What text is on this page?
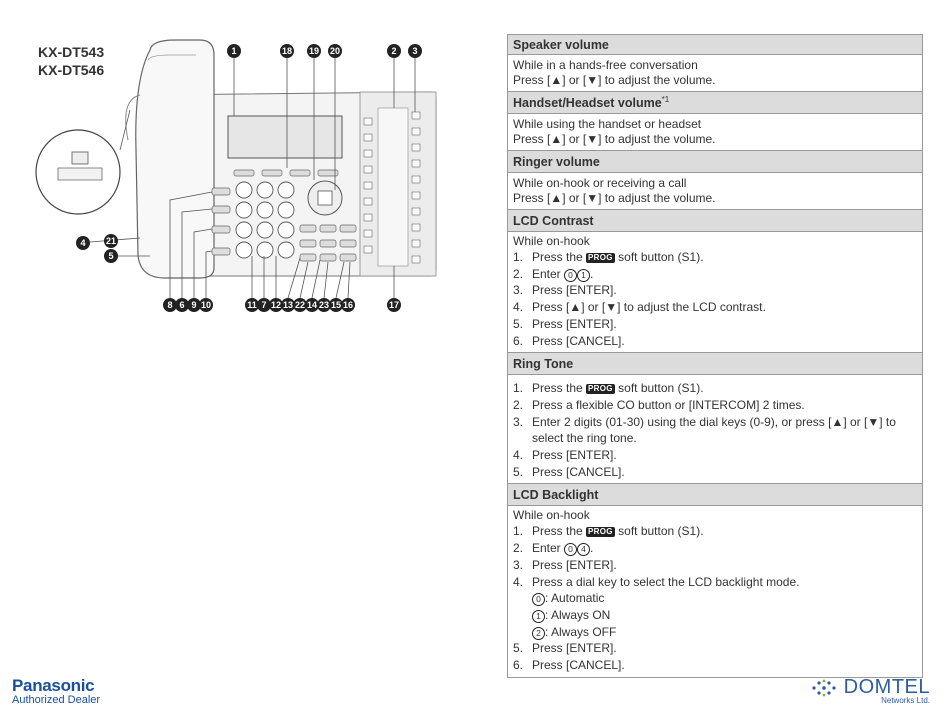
KX-DT543
KX-DT546
1	18 19 20	2	3
4	21
5
8 6 9 10	11 7 12 13 22 14 23 15 16	17
Speaker volume

While in a hands-free conversation
Press [▲] or [▼] to adjust the volume.

Handset/Headset volume$^{*1}$

While using the handset or headset
Press [▲] or [▼] to adjust the volume.

Ringer volume

While on-hook or receiving a call
Press [▲] or [▼] to adjust the volume.

LCD Contrast

While on-hook
1. Press the PROG soft button (S1).
2. Enter 0 1 .
3. Press [ENTER].
4. Press [▲] or [▼] to adjust the LCD contrast.
5. Press [ENTER].
6. Press [CANCEL].

Ring Tone

1. Press the PROG soft button (S1).
2. Press a flexible CO button or [INTERCOM] 2 times.
3. Enter 2 digits (01-30) using the dial keys (0-9), or press [▲] or [▼] to select the ring tone.
4. Press [ENTER].
5. Press [CANCEL].

LCD Backlight

While on-hook
1. Press the PROG soft button (S1).
2. Enter 0 4 .
3. Press [ENTER].
4. Press a dial key to select the LCD backlight mode.
0 : Automatic
1 : Always ON
2 : Always OFF
5. Press [ENTER].
6. Press [CANCEL].
Panasonic
Authorized Dealer
DOMTEL
Networks Ltd.
